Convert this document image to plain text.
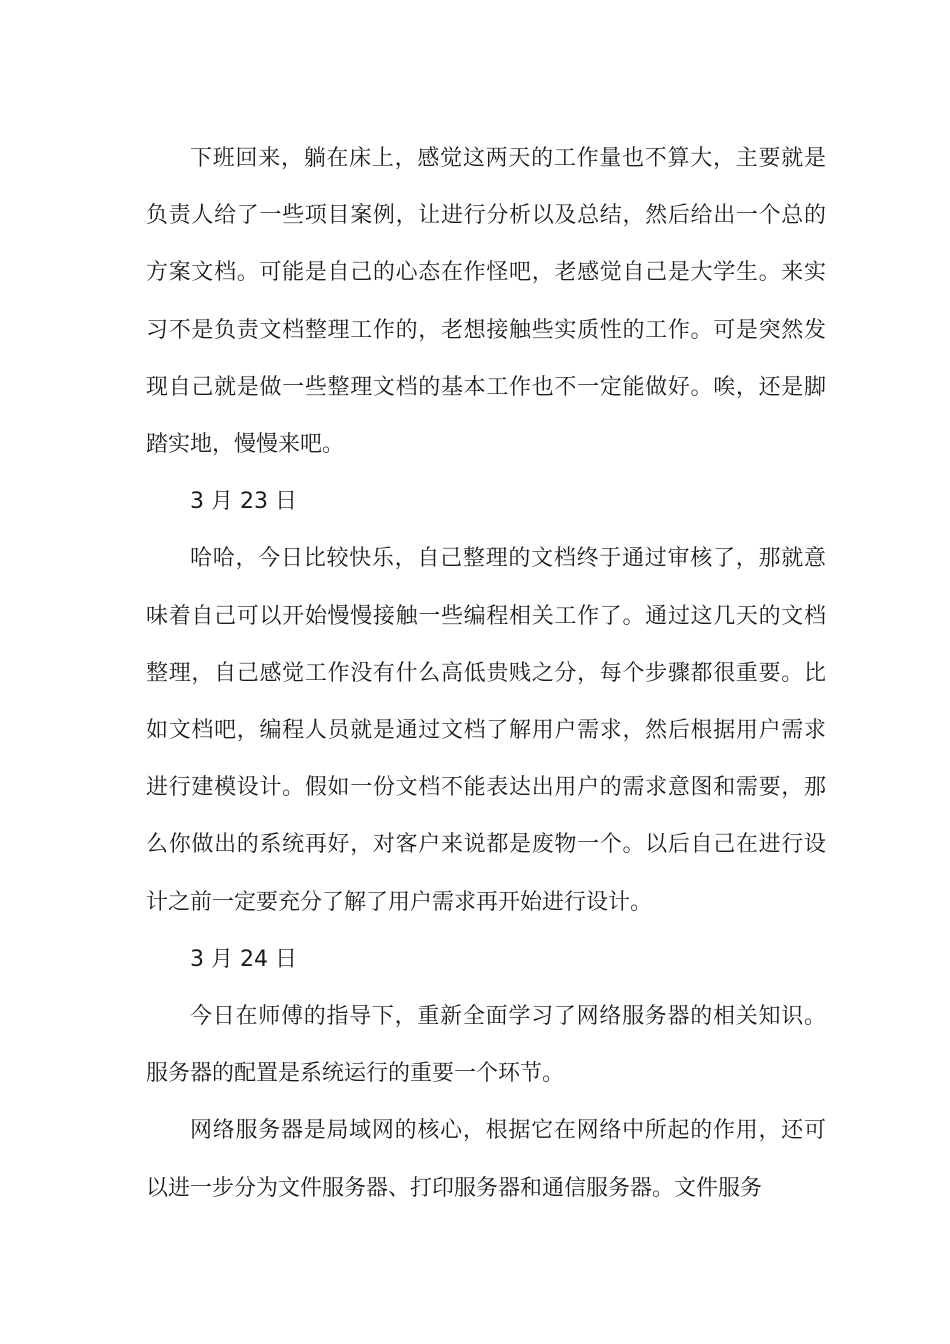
下班回来，躺在床上，感觉这两天的工作量也不算大，主要就是负责人给了一些项目案例，让进行分析以及总结，然后给出一个总的方案文档。可能是自己的心态在作怪吧，老感觉自己是大学生。来实习不是负责文档整理工作的，老想接触些实质性的工作。可是突然发现自己就是做一些整理文档的基本工作也不一定能做好。唉，还是脚踏实地，慢慢来吧。

3 月 23 日

哈哈，今日比较快乐，自己整理的文档终于通过审核了，那就意味着自己可以开始慢慢接触一些编程相关工作了。通过这几天的文档整理，自己感觉工作没有什么高低贵贱之分，每个步骤都很重要。比如文档吧，编程人员就是通过文档了解用户需求，然后根据用户需求进行建模设计。假如一份文档不能表达出用户的需求意图和需要，那么你做出的系统再好，对客户来说都是废物一个。以后自己在进行设计之前一定要充分了解了用户需求再开始进行设计。

3 月 24 日

今日在师傅的指导下，重新全面学习了网络服务器的相关知识。服务器的配置是系统运行的重要一个环节。

网络服务器是局域网的核心，根据它在网络中所起的作用，还可以进一步分为文件服务器、打印服务器和通信服务器。文件服务
